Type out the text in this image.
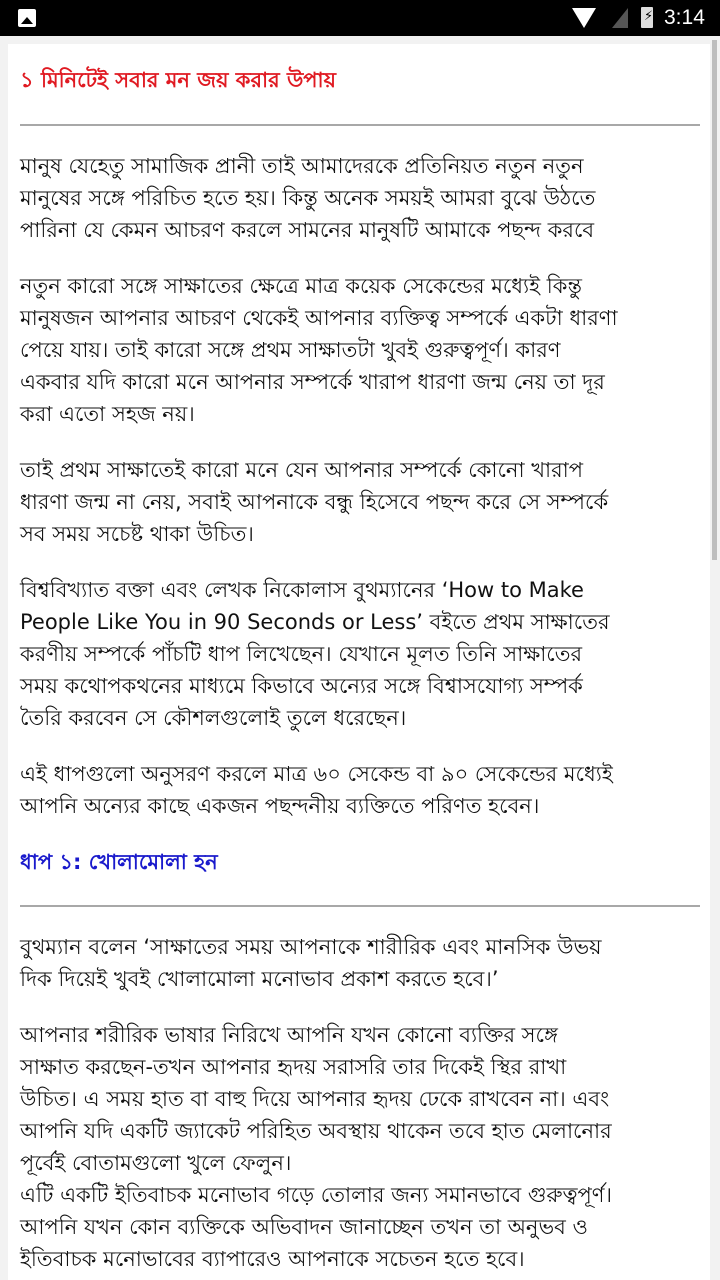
⚡ 3:14
১ মিনিটেই সবার মন জয় করার উপায়
মানুষ যেহেতু সামাজিক প্রানী তাই আমাদেরকে প্রতিনিয়ত নতুন নতুন
মানুষের সঙ্গে পরিচিত হতে হয়। কিন্তু অনেক সময়ই আমরা বুঝে উঠতে
পারিনা যে কেমন আচরণ করলে সামনের মানুষটি আমাকে পছন্দ করবে
নতুন কারো সঙ্গে সাক্ষাতের ক্ষেত্রে মাত্র কয়েক সেকেন্ডের মধ্যেই কিন্তু
মানুষজন আপনার আচরণ থেকেই আপনার ব্যক্তিত্ব সম্পর্কে একটা ধারণা
পেয়ে যায়। তাই কারো সঙ্গে প্রথম সাক্ষাতটা খুবই গুরুত্বপূর্ণ। কারণ
একবার যদি কারো মনে আপনার সম্পর্কে খারাপ ধারণা জন্ম নেয় তা দূর
করা এতো সহজ নয়।
তাই প্রথম সাক্ষাতেই কারো মনে যেন আপনার সম্পর্কে কোনো খারাপ
ধারণা জন্ম না নেয়, সবাই আপনাকে বন্ধু হিসেবে পছন্দ করে সে সম্পর্কে
সব সময় সচেষ্ট থাকা উচিত।
বিশ্ববিখ্যাত বক্তা এবং লেখক নিকোলাস বুথম্যানের ‘How to Make
People Like You in 90 Seconds or Less’ বইতে প্রথম সাক্ষাতের
করণীয় সম্পর্কে পাঁচটি ধাপ লিখেছেন। যেখানে মূলত তিনি সাক্ষাতের
সময় কথোপকথনের মাধ্যমে কিভাবে অন্যের সঙ্গে বিশ্বাসযোগ্য সম্পর্ক
তৈরি করবেন সে কৌশলগুলোই তুলে ধরেছেন।
এই ধাপগুলো অনুসরণ করলে মাত্র ৬০ সেকেন্ড বা ৯০ সেকেন্ডের মধ্যেই
আপনি অন্যের কাছে একজন পছন্দনীয় ব্যক্তিতে পরিণত হবেন।
ধাপ ১: খোলামোলা হন
বুথম্যান বলেন ‘সাক্ষাতের সময় আপনাকে শারীরিক এবং মানসিক উভয়
দিক দিয়েই খুবই খোলামোলা মনোভাব প্রকাশ করতে হবে।’
আপনার শরীরিক ভাষার নিরিখে আপনি যখন কোনো ব্যক্তির সঙ্গে
সাক্ষাত করছেন-তখন আপনার হৃদয় সরাসরি তার দিকেই স্থির রাখা
উচিত। এ সময় হাত বা বাহু দিয়ে আপনার হৃদয় ঢেকে রাখবেন না। এবং
আপনি যদি একটি জ্যাকেট পরিহিত অবস্থায় থাকেন তবে হাত মেলানোর
পূর্বেই বোতামগুলো খুলে ফেলুন।
এটি একটি ইতিবাচক মনোভাব গড়ে তোলার জন্য সমানভাবে গুরুত্বপূর্ণ।
আপনি যখন কোন ব্যক্তিকে অভিবাদন জানাচ্ছেন তখন তা অনুভব ও
ইতিবাচক মনোভাবের ব্যাপারেও আপনাকে সচেতন হতে হবে।
